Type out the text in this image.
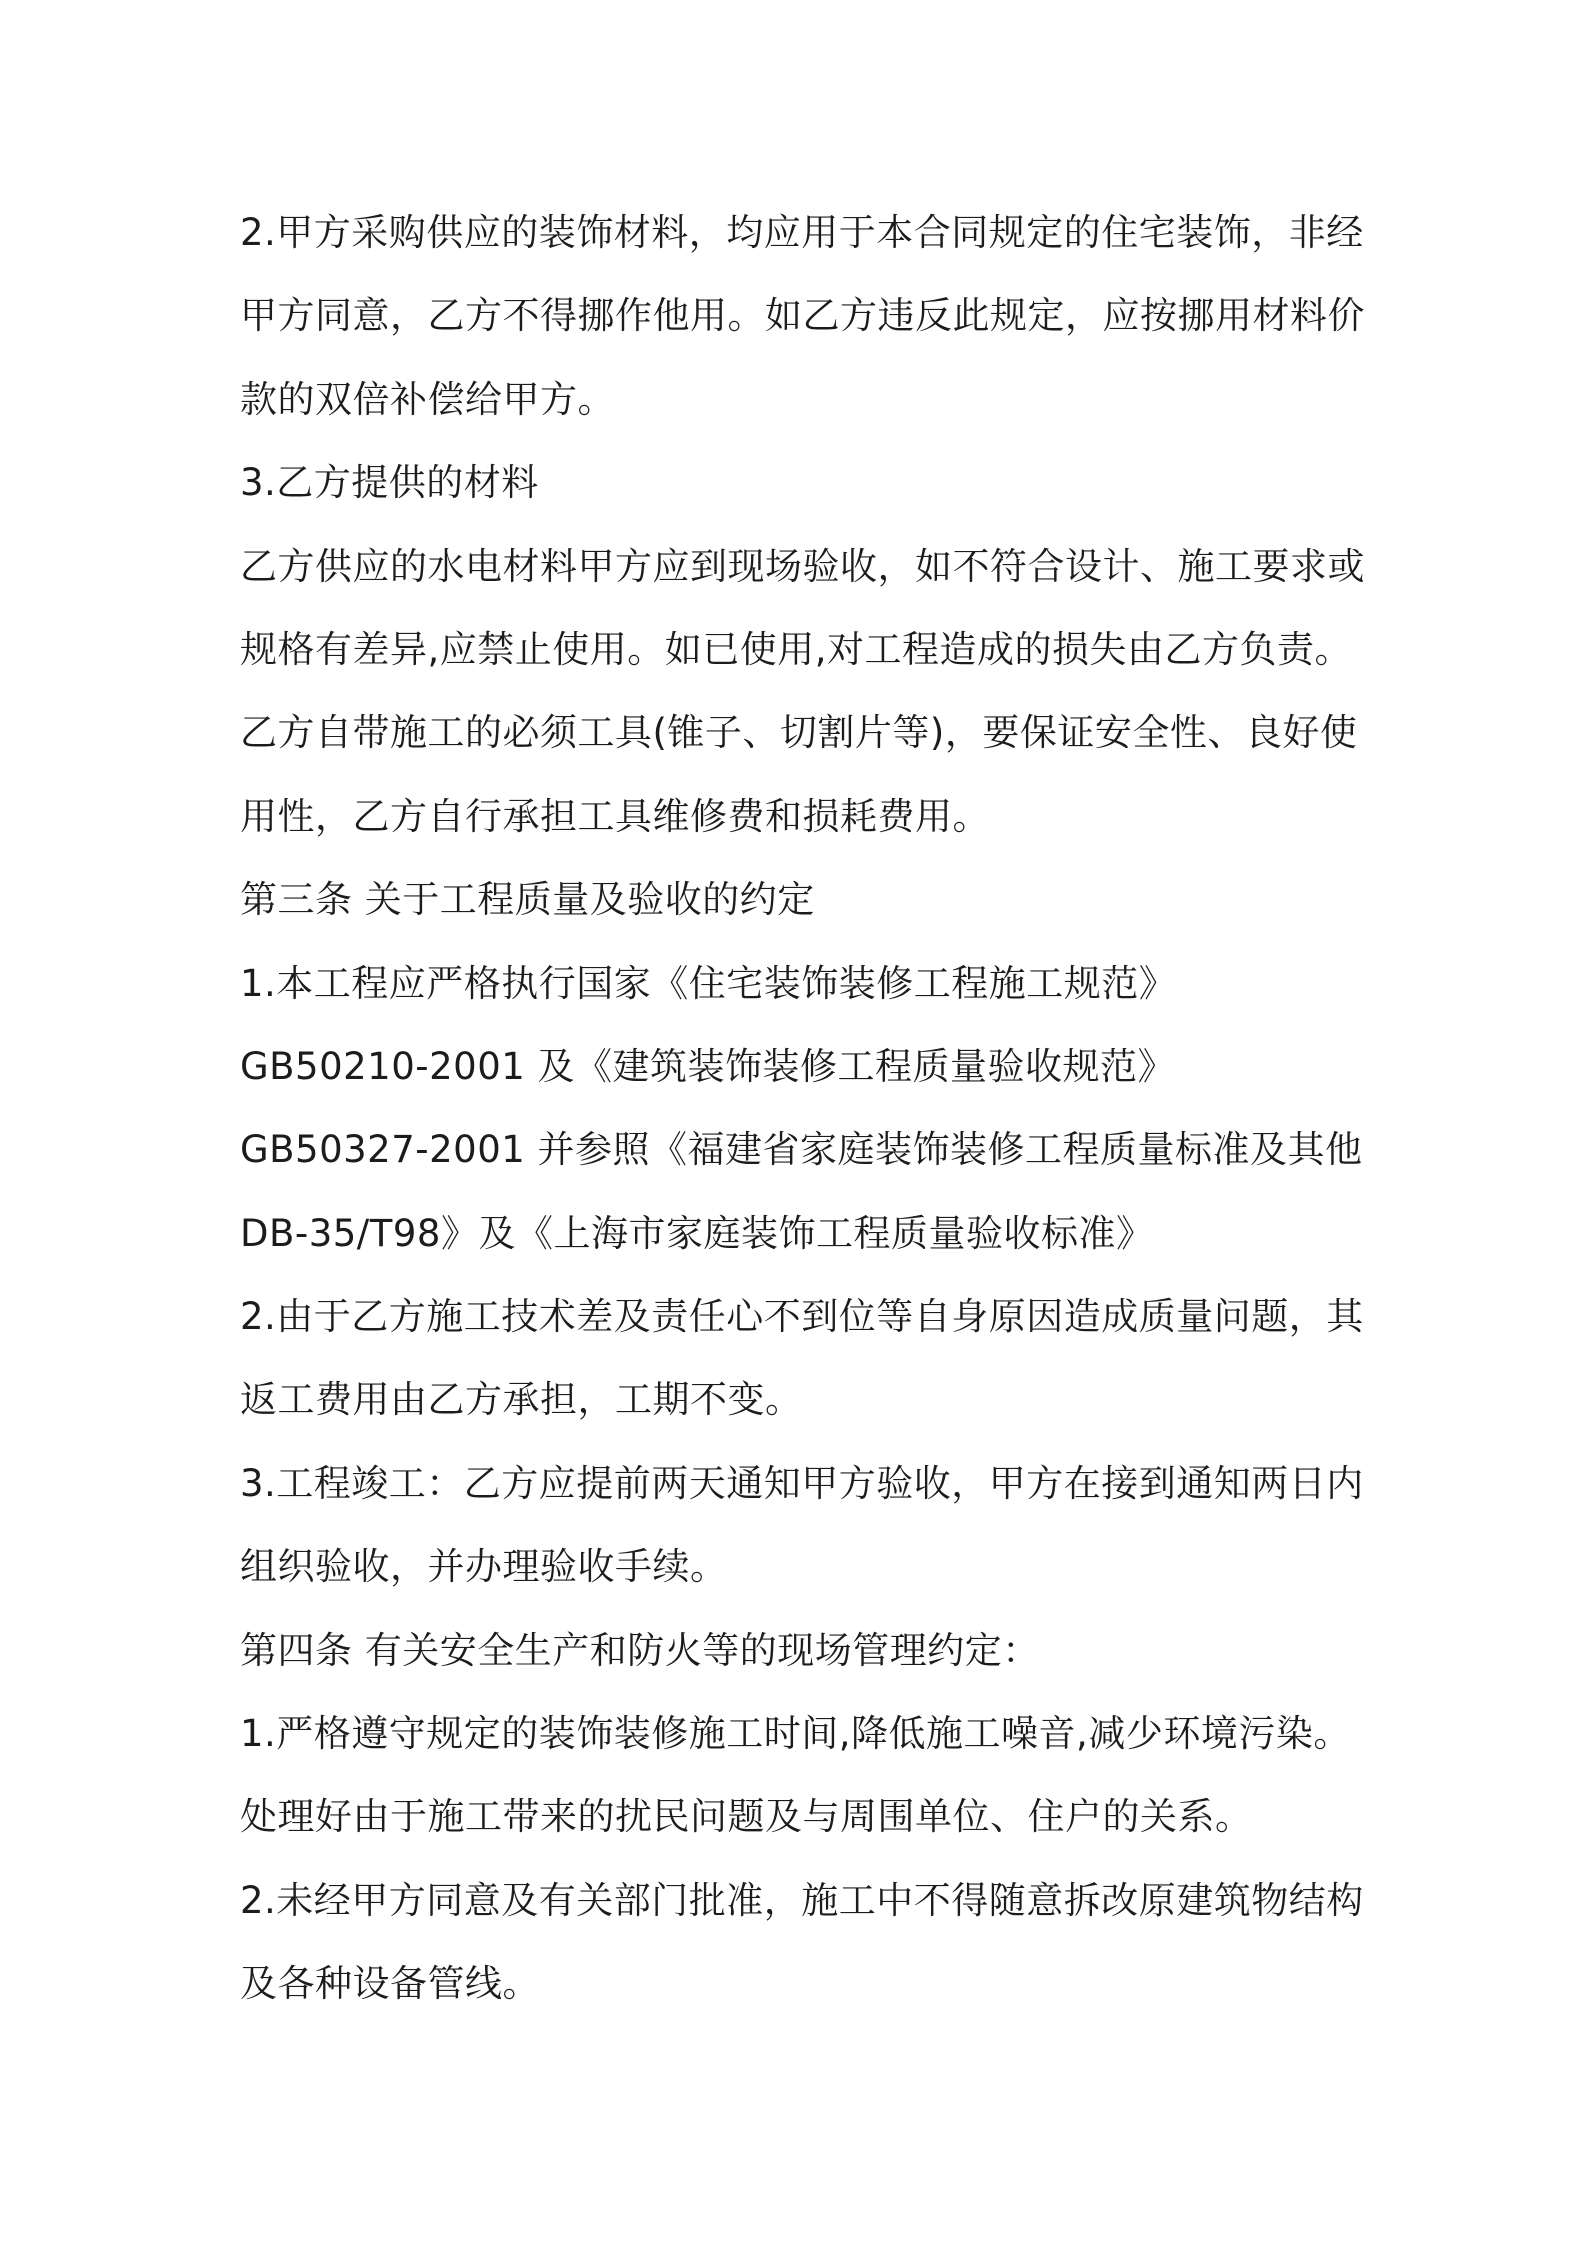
2.甲方采购供应的装饰材料，均应用于本合同规定的住宅装饰，非经
甲方同意，乙方不得挪作他用。如乙方违反此规定，应按挪用材料价
款的双倍补偿给甲方。
3.乙方提供的材料
乙方供应的水电材料甲方应到现场验收，如不符合设计、施工要求或
规格有差异,应禁止使用。如已使用,对工程造成的损失由乙方负责。
乙方自带施工的必须工具(锥子、切割片等)，要保证安全性、良好使
用性，乙方自行承担工具维修费和损耗费用。
第三条 关于工程质量及验收的约定
1.本工程应严格执行国家《住宅装饰装修工程施工规范》
GB50210-2001 及《建筑装饰装修工程质量验收规范》
GB50327-2001 并参照《福建省家庭装饰装修工程质量标准及其他
DB-35/T98》及《上海市家庭装饰工程质量验收标准》
2.由于乙方施工技术差及责任心不到位等自身原因造成质量问题，其
返工费用由乙方承担，工期不变。
3.工程竣工：乙方应提前两天通知甲方验收，甲方在接到通知两日内
组织验收，并办理验收手续。
第四条 有关安全生产和防火等的现场管理约定：
1.严格遵守规定的装饰装修施工时间,降低施工噪音,减少环境污染。
处理好由于施工带来的扰民问题及与周围单位、住户的关系。
2.未经甲方同意及有关部门批准，施工中不得随意拆改原建筑物结构
及各种设备管线。
